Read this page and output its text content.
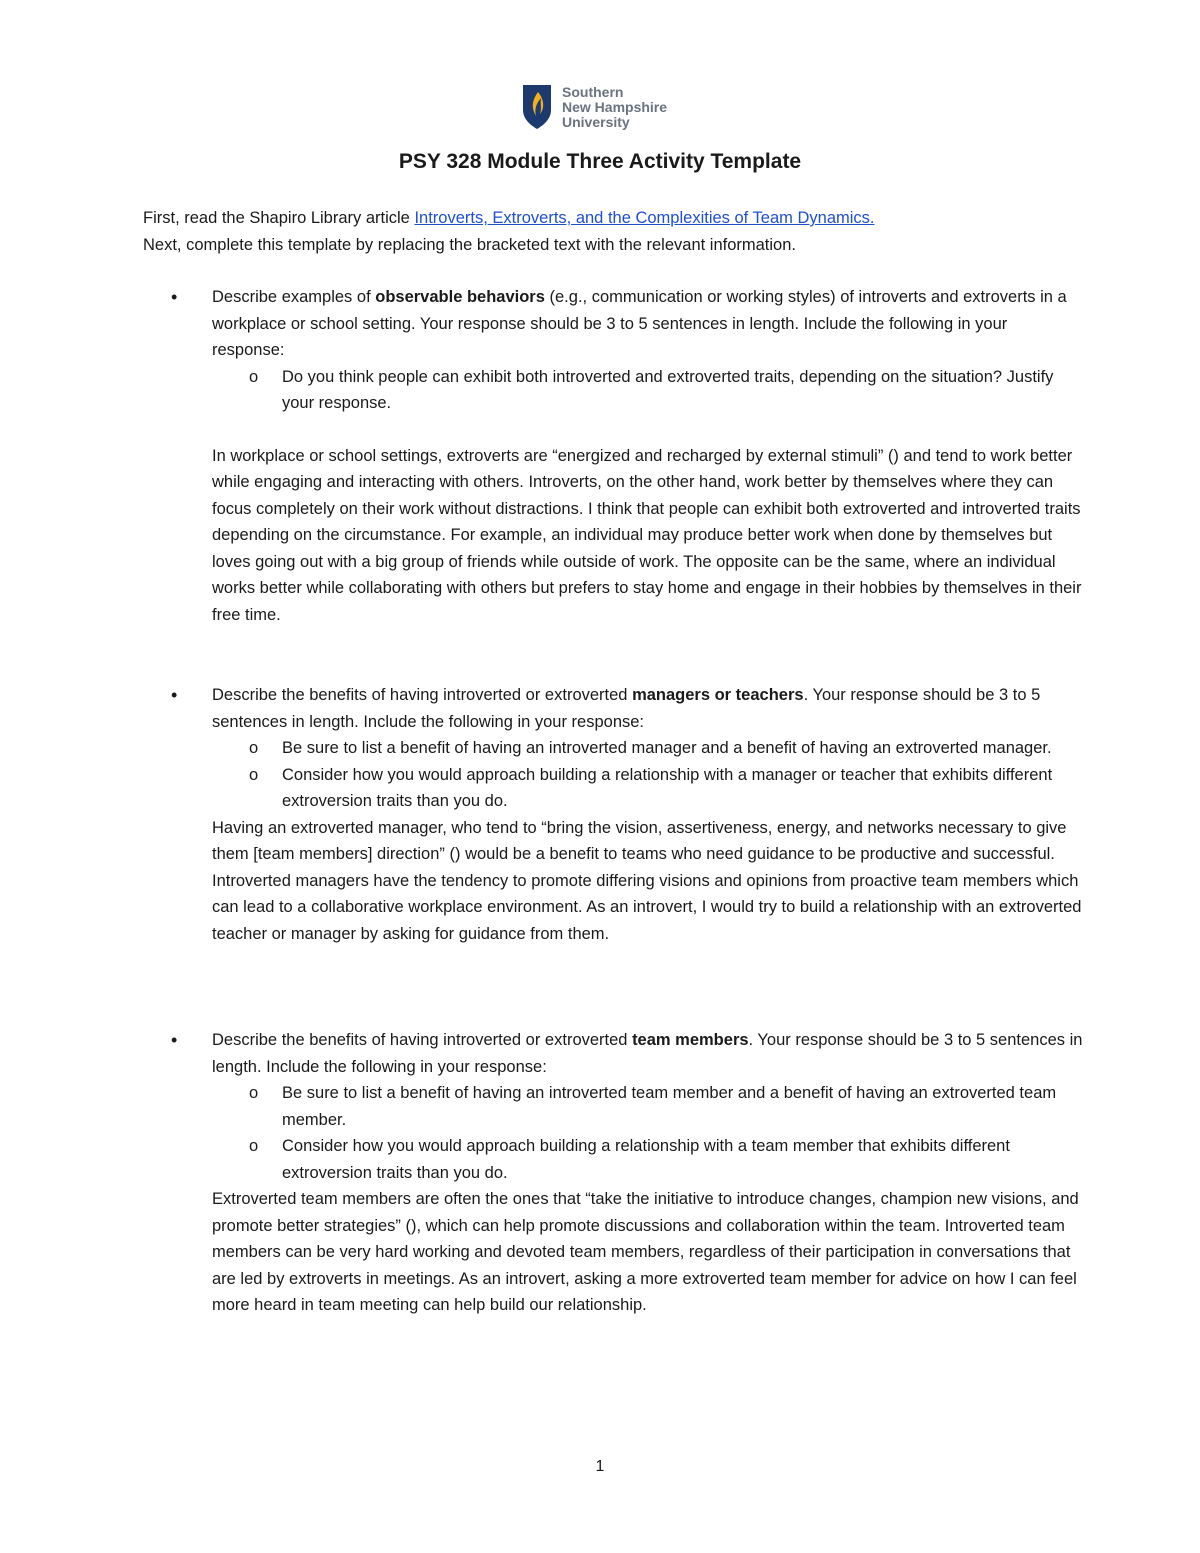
Southern
New Hampshire
University
PSY 328 Module Three Activity Template

First, read the Shapiro Library article Introverts, Extroverts, and the Complexities of Team Dynamics.

Next, complete this template by replacing the bracketed text with the relevant information.

• Describe examples of observable behaviors (e.g., communication or working styles) of introverts and extroverts in a workplace or school setting. Your response should be 3 to 5 sentences in length. Include the following in your response:

o Do you think people can exhibit both introverted and extroverted traits, depending on the situation? Justify your response.

In workplace or school settings, extroverts are “energized and recharged by external stimuli” () and tend to work better while engaging and interacting with others. Introverts, on the other hand, work better by themselves where they can focus completely on their work without distractions. I think that people can exhibit both extroverted and introverted traits depending on the circumstance. For example, an individual may produce better work when done by themselves but loves going out with a big group of friends while outside of work. The opposite can be the same, where an individual works better while collaborating with others but prefers to stay home and engage in their hobbies by themselves in their free time.

• Describe the benefits of having introverted or extroverted managers or teachers. Your response should be 3 to 5 sentences in length. Include the following in your response:

o Be sure to list a benefit of having an introverted manager and a benefit of having an extroverted manager.
o Consider how you would approach building a relationship with a manager or teacher that exhibits different extroversion traits than you do.

Having an extroverted manager, who tend to “bring the vision, assertiveness, energy, and networks necessary to give them [team members] direction” () would be a benefit to teams who need guidance to be productive and successful. Introverted managers have the tendency to promote differing visions and opinions from proactive team members which can lead to a collaborative workplace environment. As an introvert, I would try to build a relationship with an extroverted teacher or manager by asking for guidance from them.

• Describe the benefits of having introverted or extroverted team members. Your response should be 3 to 5 sentences in length. Include the following in your response:

o Be sure to list a benefit of having an introverted team member and a benefit of having an extroverted team member.
o Consider how you would approach building a relationship with a team member that exhibits different extroversion traits than you do.

Extroverted team members are often the ones that “take the initiative to introduce changes, champion new visions, and promote better strategies” (), which can help promote discussions and collaboration within the team. Introverted team members can be very hard working and devoted team members, regardless of their participation in conversations that are led by extroverts in meetings. As an introvert, asking a more extroverted team member for advice on how I can feel more heard in team meeting can help build our relationship.

1
